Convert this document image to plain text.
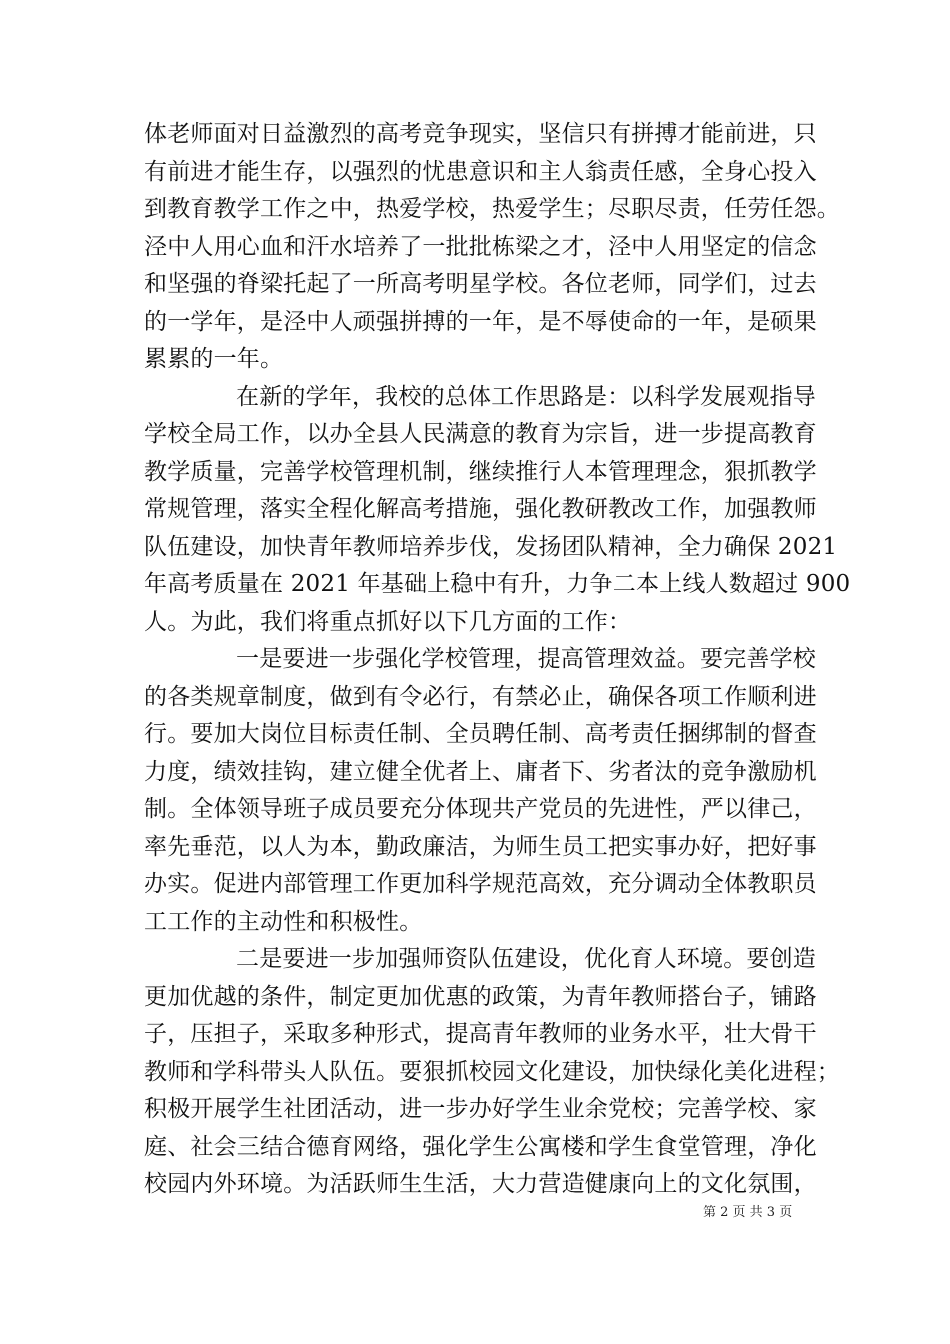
体老师面对日益激烈的高考竞争现实，坚信只有拼搏才能前进，只
有前进才能生存，以强烈的忧患意识和主人翁责任感，全身心投入
到教育教学工作之中，热爱学校，热爱学生；尽职尽责，任劳任怨。
泾中人用心血和汗水培养了一批批栋梁之才，泾中人用坚定的信念
和坚强的脊梁托起了一所高考明星学校。各位老师，同学们，过去
的一学年，是泾中人顽强拼搏的一年，是不辱使命的一年，是硕果
累累的一年。
在新的学年，我校的总体工作思路是：以科学发展观指导
学校全局工作，以办全县人民满意的教育为宗旨，进一步提高教育
教学质量，完善学校管理机制，继续推行人本管理理念，狠抓教学
常规管理，落实全程化解高考措施，强化教研教改工作，加强教师
队伍建设，加快青年教师培养步伐，发扬团队精神，全力确保 2021
年高考质量在 2021 年基础上稳中有升，力争二本上线人数超过 900
人。为此，我们将重点抓好以下几方面的工作：
一是要进一步强化学校管理，提高管理效益。要完善学校
的各类规章制度，做到有令必行，有禁必止，确保各项工作顺利进
行。要加大岗位目标责任制、全员聘任制、高考责任捆绑制的督查
力度，绩效挂钩，建立健全优者上、庸者下、劣者汰的竞争激励机
制。全体领导班子成员要充分体现共产党员的先进性，严以律己，
率先垂范，以人为本，勤政廉洁，为师生员工把实事办好，把好事
办实。促进内部管理工作更加科学规范高效，充分调动全体教职员
工工作的主动性和积极性。
二是要进一步加强师资队伍建设，优化育人环境。要创造
更加优越的条件，制定更加优惠的政策，为青年教师搭台子，铺路
子，压担子，采取多种形式，提高青年教师的业务水平，壮大骨干
教师和学科带头人队伍。要狠抓校园文化建设，加快绿化美化进程；
积极开展学生社团活动，进一步办好学生业余党校；完善学校、家
庭、社会三结合德育网络，强化学生公寓楼和学生食堂管理，净化
校园内外环境。为活跃师生生活，大力营造健康向上的文化氛围，
第 2 页 共 3 页
